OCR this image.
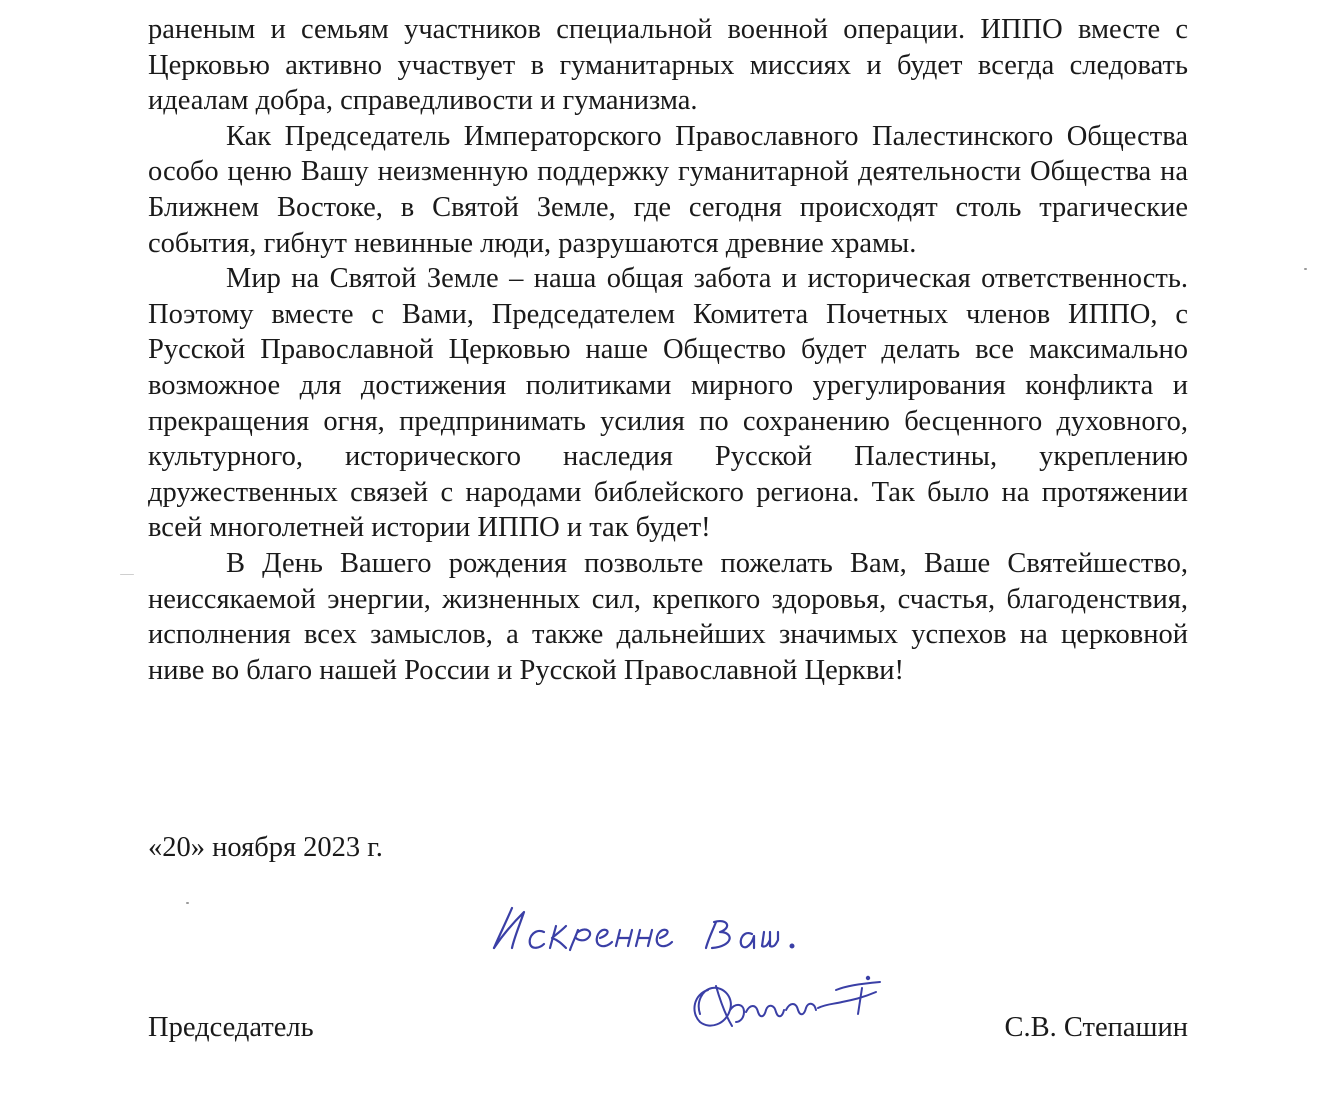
раненым и семьям участников специальной военной операции. ИППО вместе с Церковью активно участвует в гуманитарных миссиях и будет всегда следовать идеалам добра, справедливости и гуманизма.

Как Председатель Императорского Православного Палестинского Общества особо ценю Вашу неизменную поддержку гуманитарной деятельности Общества на Ближнем Востоке, в Святой Земле, где сегодня происходят столь трагические события, гибнут невинные люди, разрушаются древние храмы.

Мир на Святой Земле – наша общая забота и историческая ответственность. Поэтому вместе с Вами, Председателем Комитета Почетных членов ИППО, с Русской Православной Церковью наше Общество будет делать все максимально возможное для достижения политиками мирного урегулирования конфликта и прекращения огня, предпринимать усилия по сохранению бесценного духовного, культурного, исторического наследия Русской Палестины, укреплению дружественных связей с народами библейского региона. Так было на протяжении всей многолетней истории ИППО и так будет!

В День Вашего рождения позвольте пожелать Вам, Ваше Святейшество, неиссякаемой энергии, жизненных сил, крепкого здоровья, счастья, благоденствия, исполнения всех замыслов, а также дальнейших значимых успехов на церковной ниве во благо нашей России и Русской Православной Церкви!

«20» ноября 2023 г.
Председатель	С.В. Степашин
